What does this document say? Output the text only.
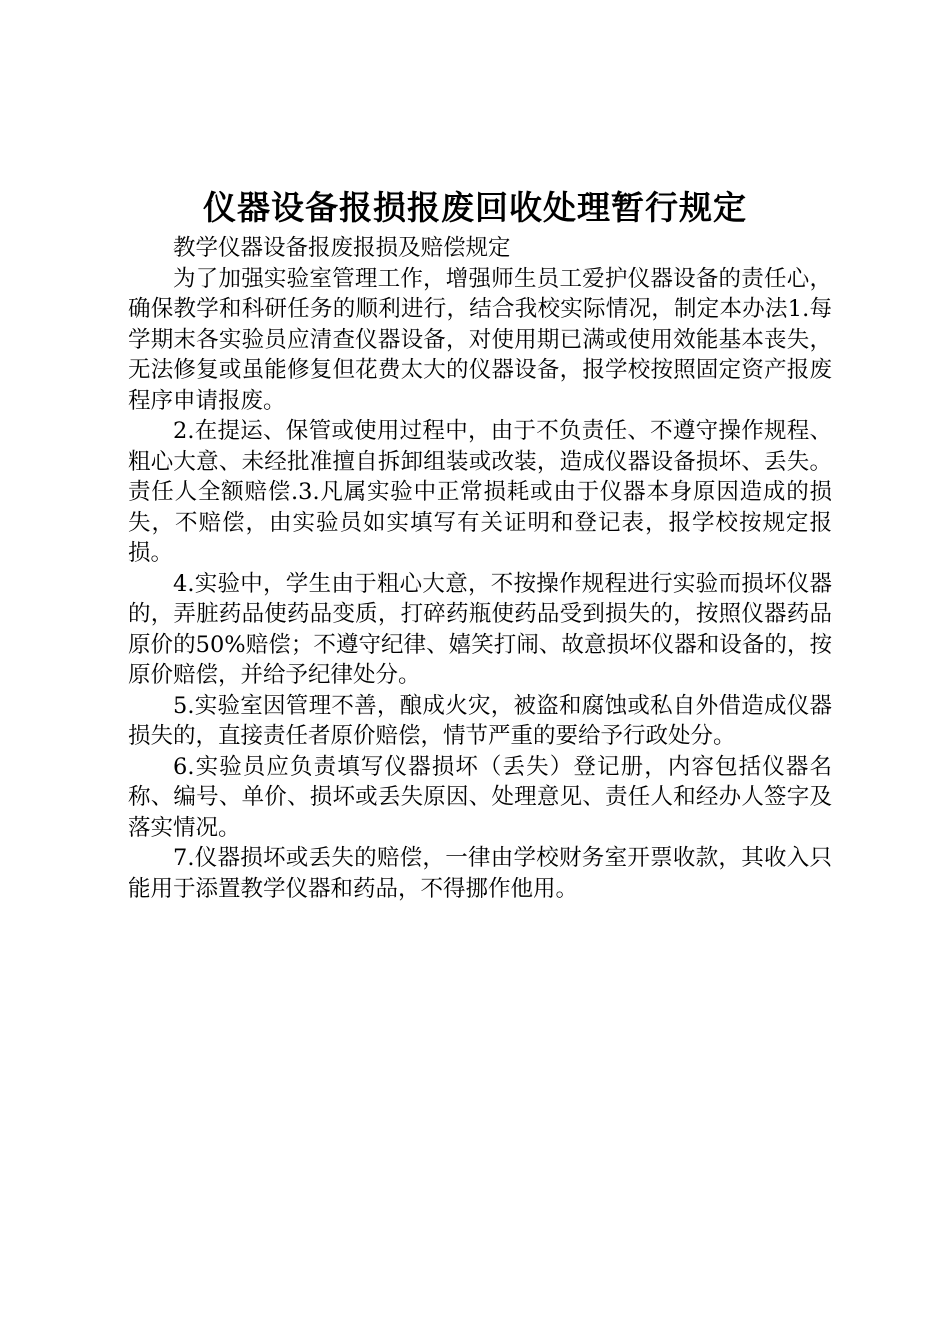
仪器设备报损报废回收处理暂行规定

教学仪器设备报废报损及赔偿规定

为了加强实验室管理工作，增强师生员工爱护仪器设备的责任心，确保教学和科研任务的顺利进行，结合我校实际情况，制定本办法1.每学期末各实验员应清查仪器设备，对使用期已满或使用效能基本丧失，无法修复或虽能修复但花费太大的仪器设备，报学校按照固定资产报废程序申请报废。

2.在提运、保管或使用过程中，由于不负责任、不遵守操作规程、粗心大意、未经批准擅自拆卸组装或改装，造成仪器设备损坏、丢失。责任人全额赔偿.3.凡属实验中正常损耗或由于仪器本身原因造成的损失，不赔偿，由实验员如实填写有关证明和登记表，报学校按规定报损。

4.实验中，学生由于粗心大意，不按操作规程进行实验而损坏仪器的，弄脏药品使药品变质，打碎药瓶使药品受到损失的，按照仪器药品原价的50%赔偿；不遵守纪律、嬉笑打闹、故意损坏仪器和设备的，按原价赔偿，并给予纪律处分。

5.实验室因管理不善，酿成火灾，被盗和腐蚀或私自外借造成仪器损失的，直接责任者原价赔偿，情节严重的要给予行政处分。

6.实验员应负责填写仪器损坏（丢失）登记册，内容包括仪器名称、编号、单价、损坏或丢失原因、处理意见、责任人和经办人签字及落实情况。

7.仪器损坏或丢失的赔偿，一律由学校财务室开票收款，其收入只能用于添置教学仪器和药品，不得挪作他用。
